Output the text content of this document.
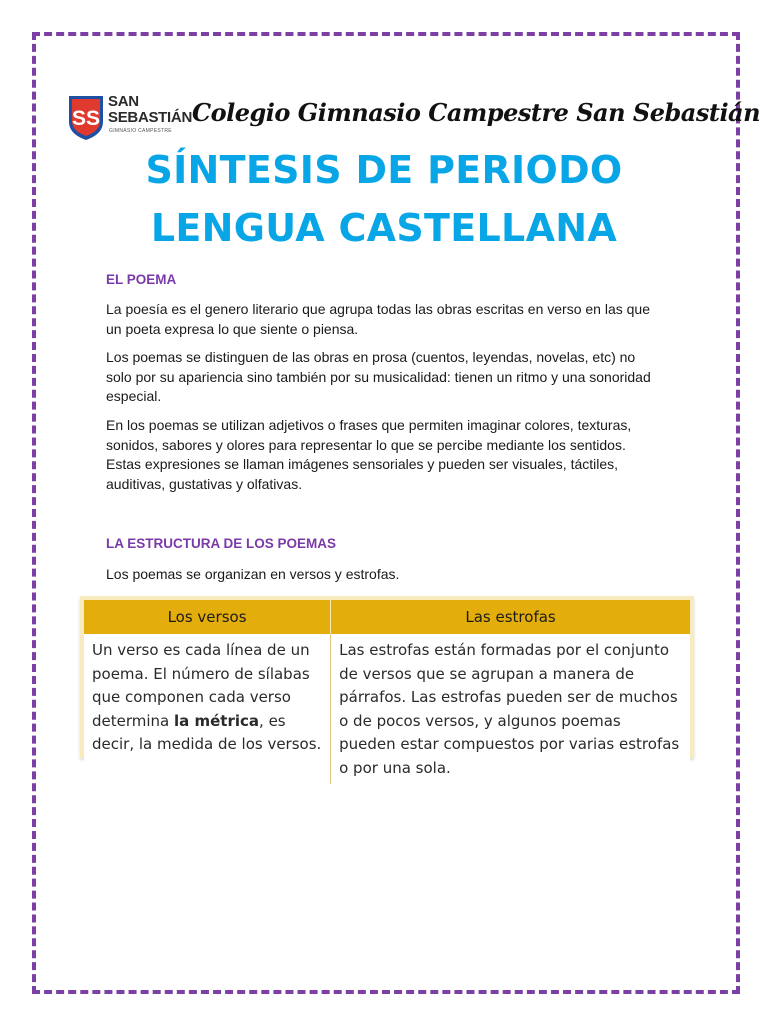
SS
SAN
SEBASTIÁN
GIMNASIO CAMPESTRE
Colegio Gimnasio Campestre San Sebastián
SÍNTESIS DE PERIODO
LENGUA CASTELLANA
EL POEMA
La poesía es el genero literario que agrupa todas las obras escritas en verso en las que un poeta expresa lo que siente o piensa.
Los poemas se distinguen de las obras en prosa (cuentos, leyendas, novelas, etc) no solo por su apariencia sino también por su musicalidad: tienen un ritmo y una sonoridad especial.
En los poemas se utilizan adjetivos o frases que permiten imaginar colores, texturas, sonidos, sabores y olores para representar lo que se percibe mediante los sentidos. Estas expresiones se llaman imágenes sensoriales y pueden ser visuales, táctiles, auditivas, gustativas y olfativas.
LA ESTRUCTURA DE LOS POEMAS
Los poemas se organizan en versos y estrofas.
Los versos	Las estrofas
Un verso es cada línea de un poema. El número de sílabas que componen cada verso determina la métrica, es decir, la medida de los versos.	Las estrofas están formadas por el conjunto de versos que se agrupan a manera de párrafos. Las estrofas pueden ser de muchos o de pocos versos, y algunos poemas pueden estar compuestos por varias estrofas o por una sola.
